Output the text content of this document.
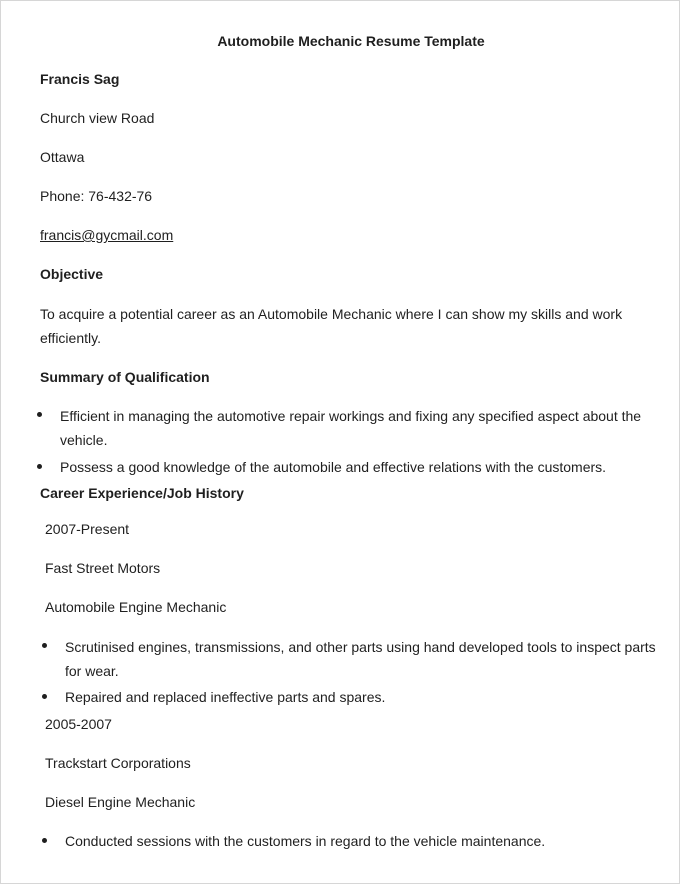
Automobile Mechanic Resume Template
Francis Sag
Church view Road
Ottawa
Phone: 76-432-76
francis@gycmail.com
Objective
To acquire a potential career as an Automobile Mechanic where I can show my skills and work
efficiently.
Summary of Qualification
Efficient in managing the automotive repair workings and fixing any specified aspect about the
vehicle.
Possess a good knowledge of the automobile and effective relations with the customers.
Career Experience/Job History
2007-Present
Fast Street Motors
Automobile Engine Mechanic
Scrutinised engines, transmissions, and other parts using hand developed tools to inspect parts
for wear.
Repaired and replaced ineffective parts and spares.
2005-2007
Trackstart Corporations
Diesel Engine Mechanic
Conducted sessions with the customers in regard to the vehicle maintenance.
